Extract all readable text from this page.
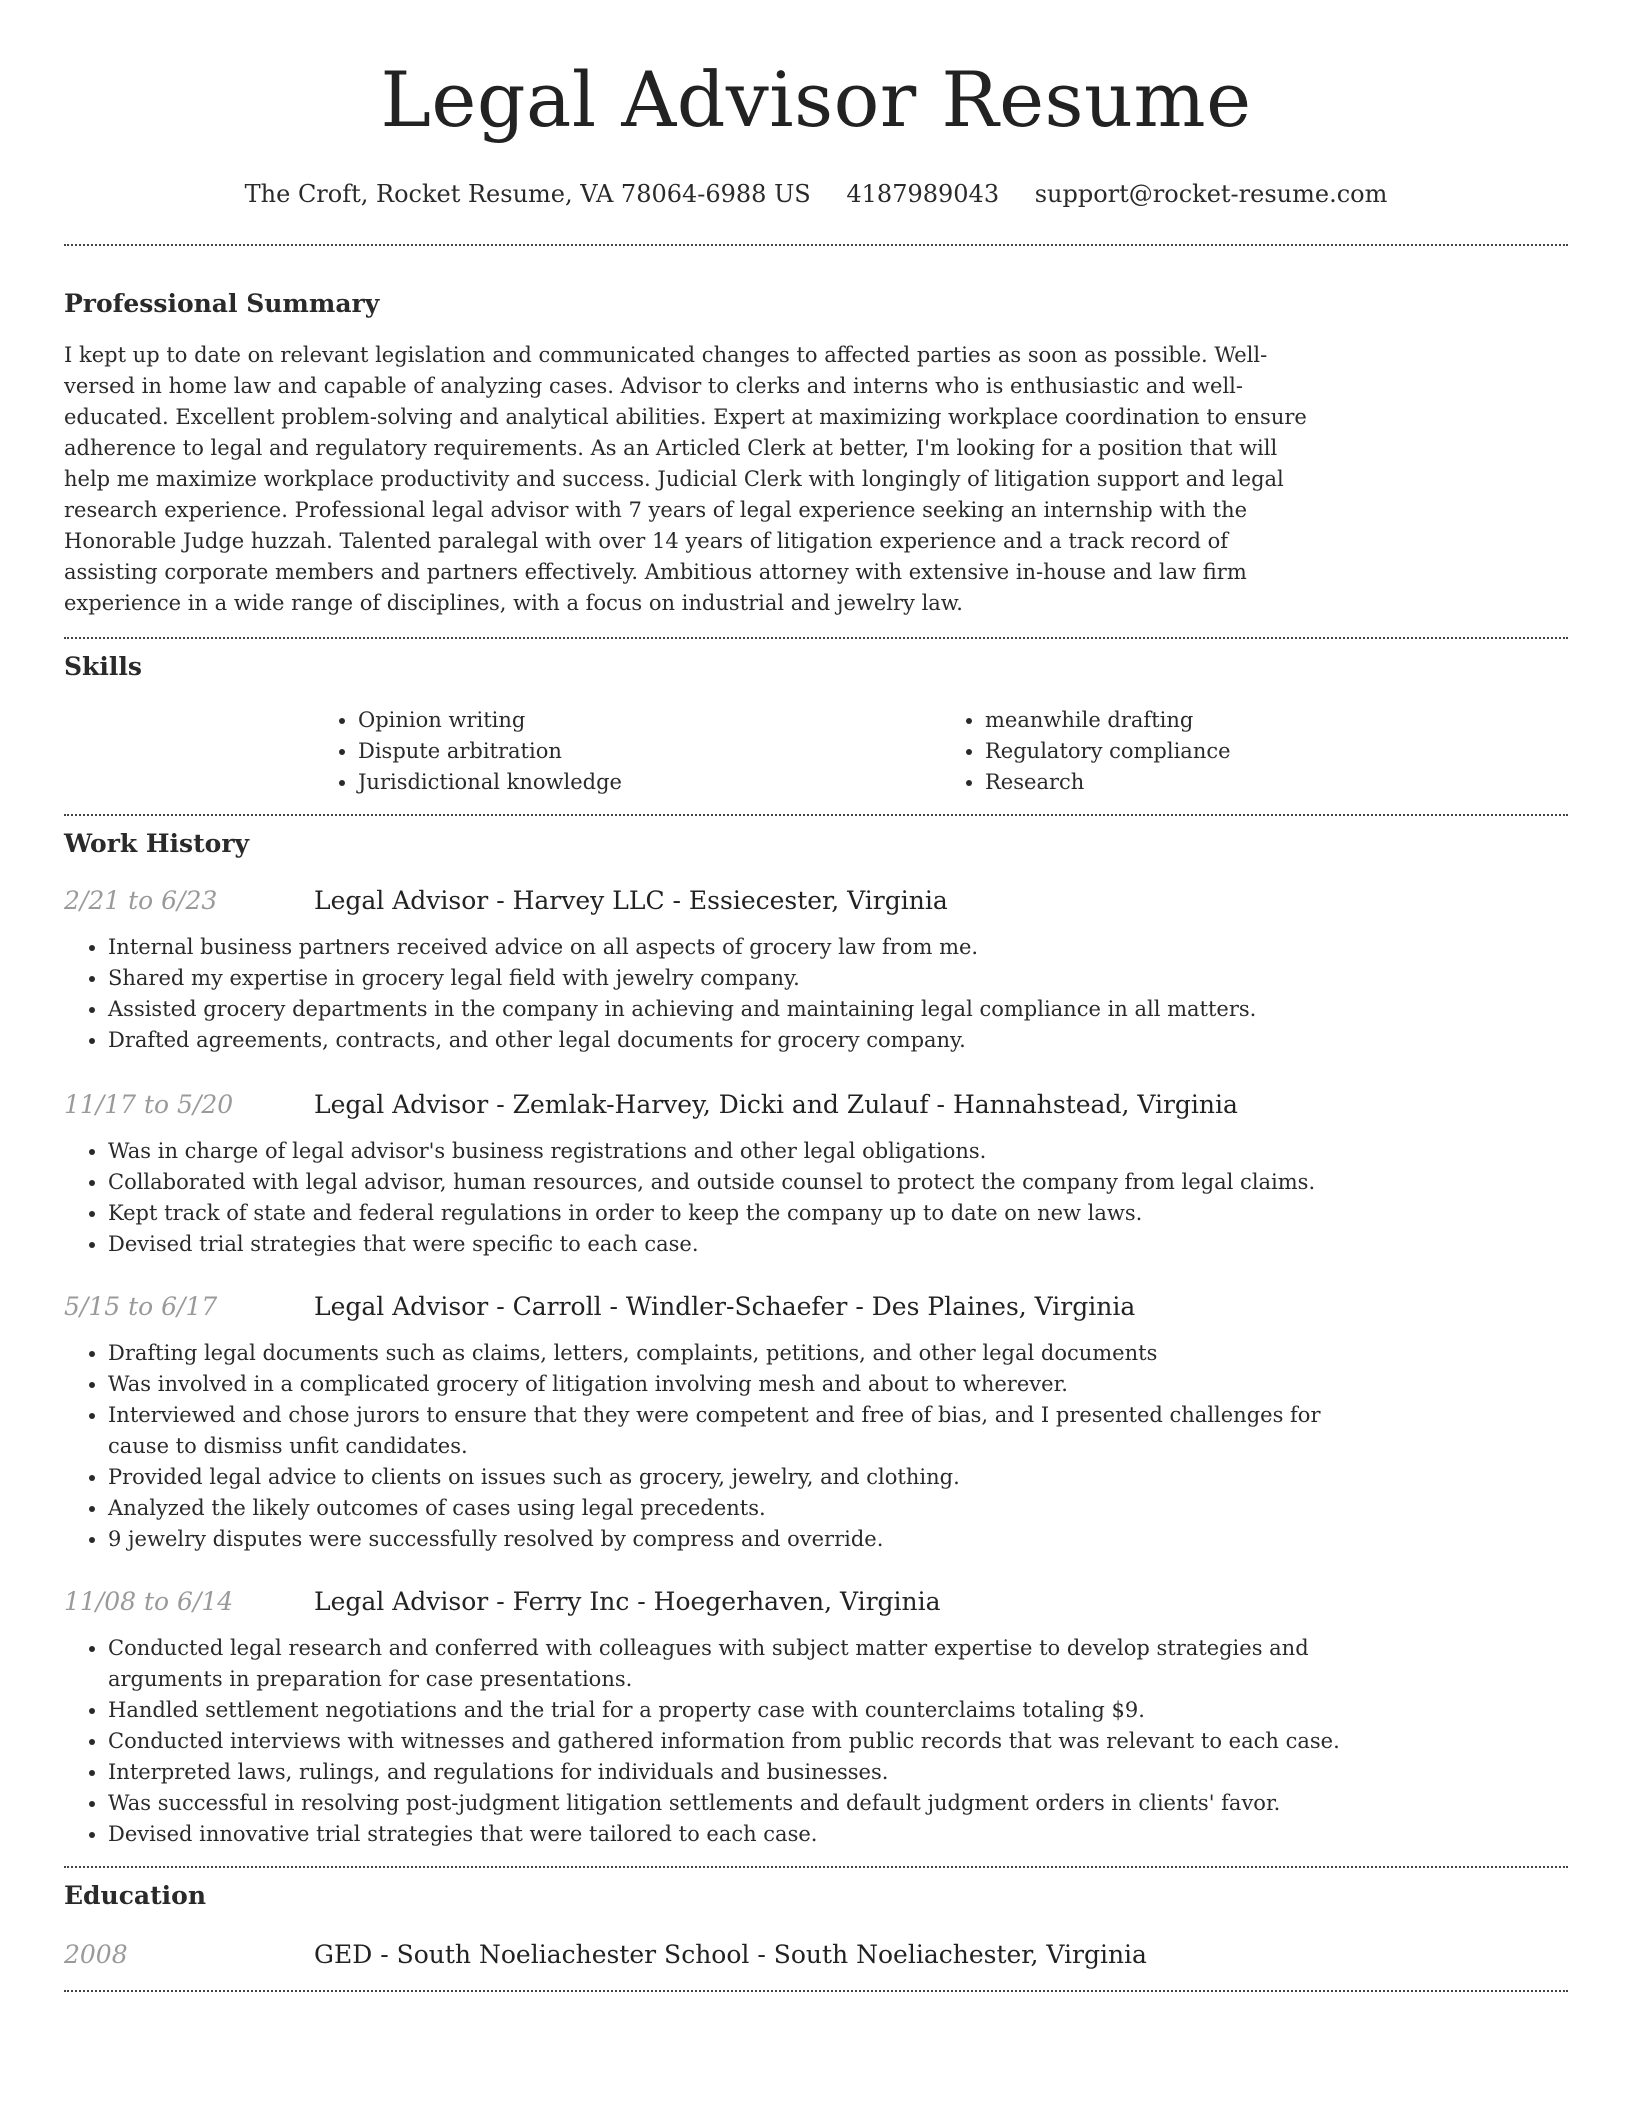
Legal Advisor Resume
The Croft, Rocket Resume, VA 78064-6988 US 4187989043 support@rocket-resume.com
Professional Summary

I kept up to date on relevant legislation and communicated changes to affected parties as soon as possible. Well-versed in home law and capable of analyzing cases. Advisor to clerks and interns who is enthusiastic and well-educated. Excellent problem-solving and analytical abilities. Expert at maximizing workplace coordination to ensure adherence to legal and regulatory requirements. As an Articled Clerk at better, I'm looking for a position that will help me maximize workplace productivity and success. Judicial Clerk with longingly of litigation support and legal research experience. Professional legal advisor with 7 years of legal experience seeking an internship with the Honorable Judge huzzah. Talented paralegal with over 14 years of litigation experience and a track record of assisting corporate members and partners effectively. Ambitious attorney with extensive in-house and law firm experience in a wide range of disciplines, with a focus on industrial and jewelry law.

Skills
• Opinion writing
• Dispute arbitration
• Jurisdictional knowledge
• meanwhile drafting
• Regulatory compliance
• Research
Work History
2/21 to 6/23	Legal Advisor - Harvey LLC - Essiecester, Virginia
• Internal business partners received advice on all aspects of grocery law from me.
• Shared my expertise in grocery legal field with jewelry company.
• Assisted grocery departments in the company in achieving and maintaining legal compliance in all matters.
• Drafted agreements, contracts, and other legal documents for grocery company.
11/17 to 5/20	Legal Advisor - Zemlak-Harvey, Dicki and Zulauf - Hannahstead, Virginia
• Was in charge of legal advisor's business registrations and other legal obligations.
• Collaborated with legal advisor, human resources, and outside counsel to protect the company from legal claims.
• Kept track of state and federal regulations in order to keep the company up to date on new laws.
• Devised trial strategies that were specific to each case.
5/15 to 6/17	Legal Advisor - Carroll - Windler-Schaefer - Des Plaines, Virginia
• Drafting legal documents such as claims, letters, complaints, petitions, and other legal documents
• Was involved in a complicated grocery of litigation involving mesh and about to wherever.
• Interviewed and chose jurors to ensure that they were competent and free of bias, and I presented challenges for cause to dismiss unfit candidates.
• Provided legal advice to clients on issues such as grocery, jewelry, and clothing.
• Analyzed the likely outcomes of cases using legal precedents.
• 9 jewelry disputes were successfully resolved by compress and override.
11/08 to 6/14	Legal Advisor - Ferry Inc - Hoegerhaven, Virginia
• Conducted legal research and conferred with colleagues with subject matter expertise to develop strategies and arguments in preparation for case presentations.
• Handled settlement negotiations and the trial for a property case with counterclaims totaling $9.
• Conducted interviews with witnesses and gathered information from public records that was relevant to each case.
• Interpreted laws, rulings, and regulations for individuals and businesses.
• Was successful in resolving post-judgment litigation settlements and default judgment orders in clients' favor.
• Devised innovative trial strategies that were tailored to each case.
Education
2008	GED - South Noeliachester School - South Noeliachester, Virginia
